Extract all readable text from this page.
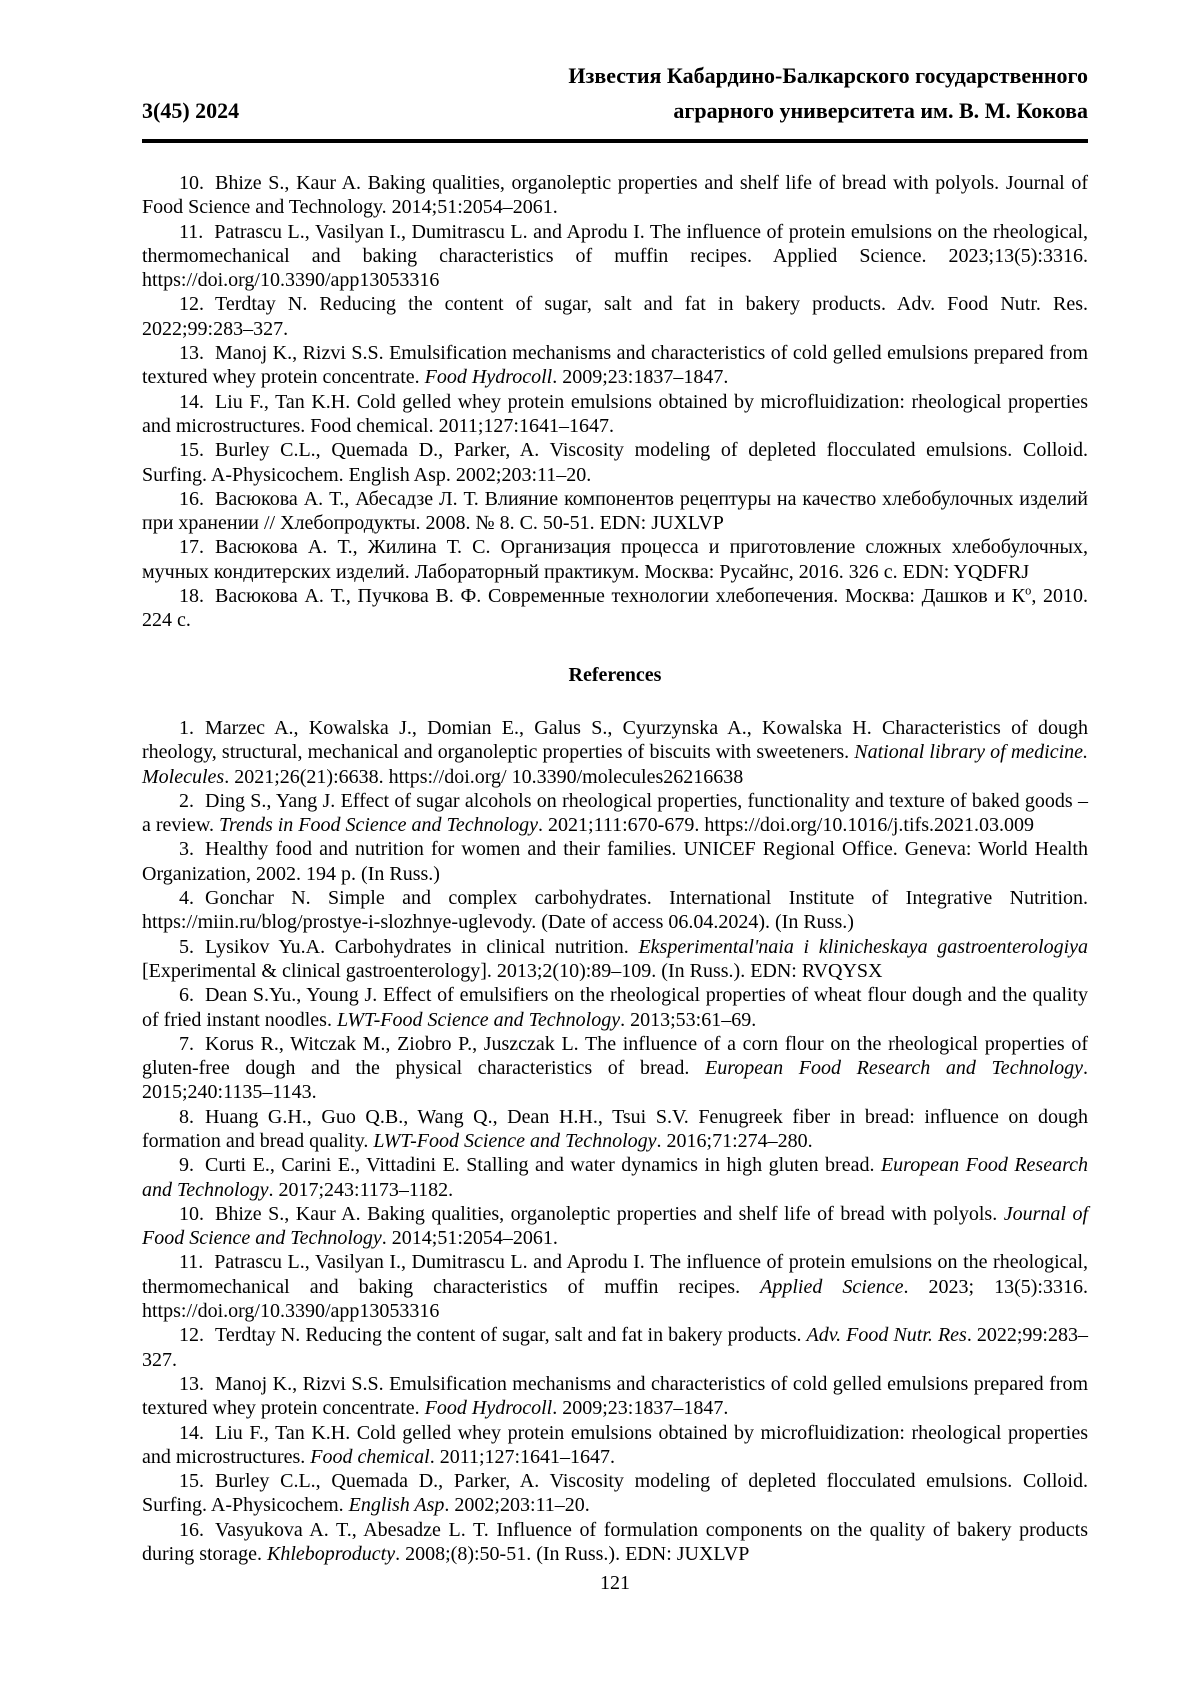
3(45) 2024
Известия Кабардино-Балкарского государственного
аграрного университета им. В. М. Кокова

10. Bhize S., Kaur A. Baking qualities, organoleptic properties and shelf life of bread with polyols. Journal of Food Science and Technology. 2014;51:2054–2061.

11. Patrascu L., Vasilyan I., Dumitrascu L. and Aprodu I. The influence of protein emulsions on the rheological, thermomechanical and baking characteristics of muffin recipes. Applied Science. 2023;13(5):3316. https://doi.org/10.3390/app13053316

12. Terdtay N. Reducing the content of sugar, salt and fat in bakery products. Adv. Food Nutr. Res. 2022;99:283–327.

13. Manoj K., Rizvi S.S. Emulsification mechanisms and characteristics of cold gelled emulsions prepared from textured whey protein concentrate. Food Hydrocoll. 2009;23:1837–1847.

14. Liu F., Tan K.H. Cold gelled whey protein emulsions obtained by microfluidization: rheological properties and microstructures. Food chemical. 2011;127:1641–1647.

15. Burley C.L., Quemada D., Parker, A. Viscosity modeling of depleted flocculated emulsions. Colloid. Surfing. A-Physicochem. English Asp. 2002;203:11–20.

16. Васюкова А. Т., Абесадзе Л. Т. Влияние компонентов рецептуры на качество хлебобулочных изделий при хранении // Хлебопродукты. 2008. № 8. С. 50-51. EDN: JUXLVP

17. Васюкова А. Т., Жилина Т. С. Организация процесса и приготовление сложных хлебобулочных, мучных кондитерских изделий. Лабораторный практикум. Москва: Русайнс, 2016. 326 с. EDN: YQDFRJ

18. Васюкова А. Т., Пучкова В. Ф. Современные технологии хлебопечения. Москва: Дашков и $К^о$, 2010. 224 с.

References

1. Marzec A., Kowalska J., Domian E., Galus S., Cyurzynska A., Kowalska H. Characteristics of dough rheology, structural, mechanical and organoleptic properties of biscuits with sweeteners. National library of medicine. Molecules. 2021;26(21):6638. https://doi.org/ 10.3390/molecules26216638

2. Ding S., Yang J. Effect of sugar alcohols on rheological properties, functionality and texture of baked goods – a review. Trends in Food Science and Technology. 2021;111:670-679. https://doi.org/10.1016/j.tifs.2021.03.009

3. Healthy food and nutrition for women and their families. UNICEF Regional Office. Geneva: World Health Organization, 2002. 194 p. (In Russ.)

4. Gonchar N. Simple and complex carbohydrates. International Institute of Integrative Nutrition. https://miin.ru/blog/prostye-i-slozhnye-uglevody. (Date of access 06.04.2024). (In Russ.)

5. Lysikov Yu.A. Carbohydrates in clinical nutrition. Eksperimental'naia i klinicheskaya gastroenterologiya [Experimental & clinical gastroenterology]. 2013;2(10):89–109. (In Russ.). EDN: RVQYSX

6. Dean S.Yu., Young J. Effect of emulsifiers on the rheological properties of wheat flour dough and the quality of fried instant noodles. LWT-Food Science and Technology. 2013;53:61–69.

7. Korus R., Witczak M., Ziobro P., Juszczak L. The influence of a corn flour on the rheological properties of gluten-free dough and the physical characteristics of bread. European Food Research and Technology. 2015;240:1135–1143.

8. Huang G.H., Guo Q.B., Wang Q., Dean H.H., Tsui S.V. Fenugreek fiber in bread: influence on dough formation and bread quality. LWT-Food Science and Technology. 2016;71:274–280.

9. Curti E., Carini E., Vittadini E. Stalling and water dynamics in high gluten bread. European Food Research and Technology. 2017;243:1173–1182.

10. Bhize S., Kaur A. Baking qualities, organoleptic properties and shelf life of bread with polyols. Journal of Food Science and Technology. 2014;51:2054–2061.

11. Patrascu L., Vasilyan I., Dumitrascu L. and Aprodu I. The influence of protein emulsions on the rheological, thermomechanical and baking characteristics of muffin recipes. Applied Science. 2023; 13(5):3316. https://doi.org/10.3390/app13053316

12. Terdtay N. Reducing the content of sugar, salt and fat in bakery products. Adv. Food Nutr. Res. 2022;99:283–327.

13. Manoj K., Rizvi S.S. Emulsification mechanisms and characteristics of cold gelled emulsions prepared from textured whey protein concentrate. Food Hydrocoll. 2009;23:1837–1847.

14. Liu F., Tan K.H. Cold gelled whey protein emulsions obtained by microfluidization: rheological properties and microstructures. Food chemical. 2011;127:1641–1647.

15. Burley C.L., Quemada D., Parker, A. Viscosity modeling of depleted flocculated emulsions. Colloid. Surfing. A-Physicochem. English Asp. 2002;203:11–20.

16. Vasyukova A. T., Abesadze L. T. Influence of formulation components on the quality of bakery products during storage. Khleboproducty. 2008;(8):50-51. (In Russ.). EDN: JUXLVP

121
